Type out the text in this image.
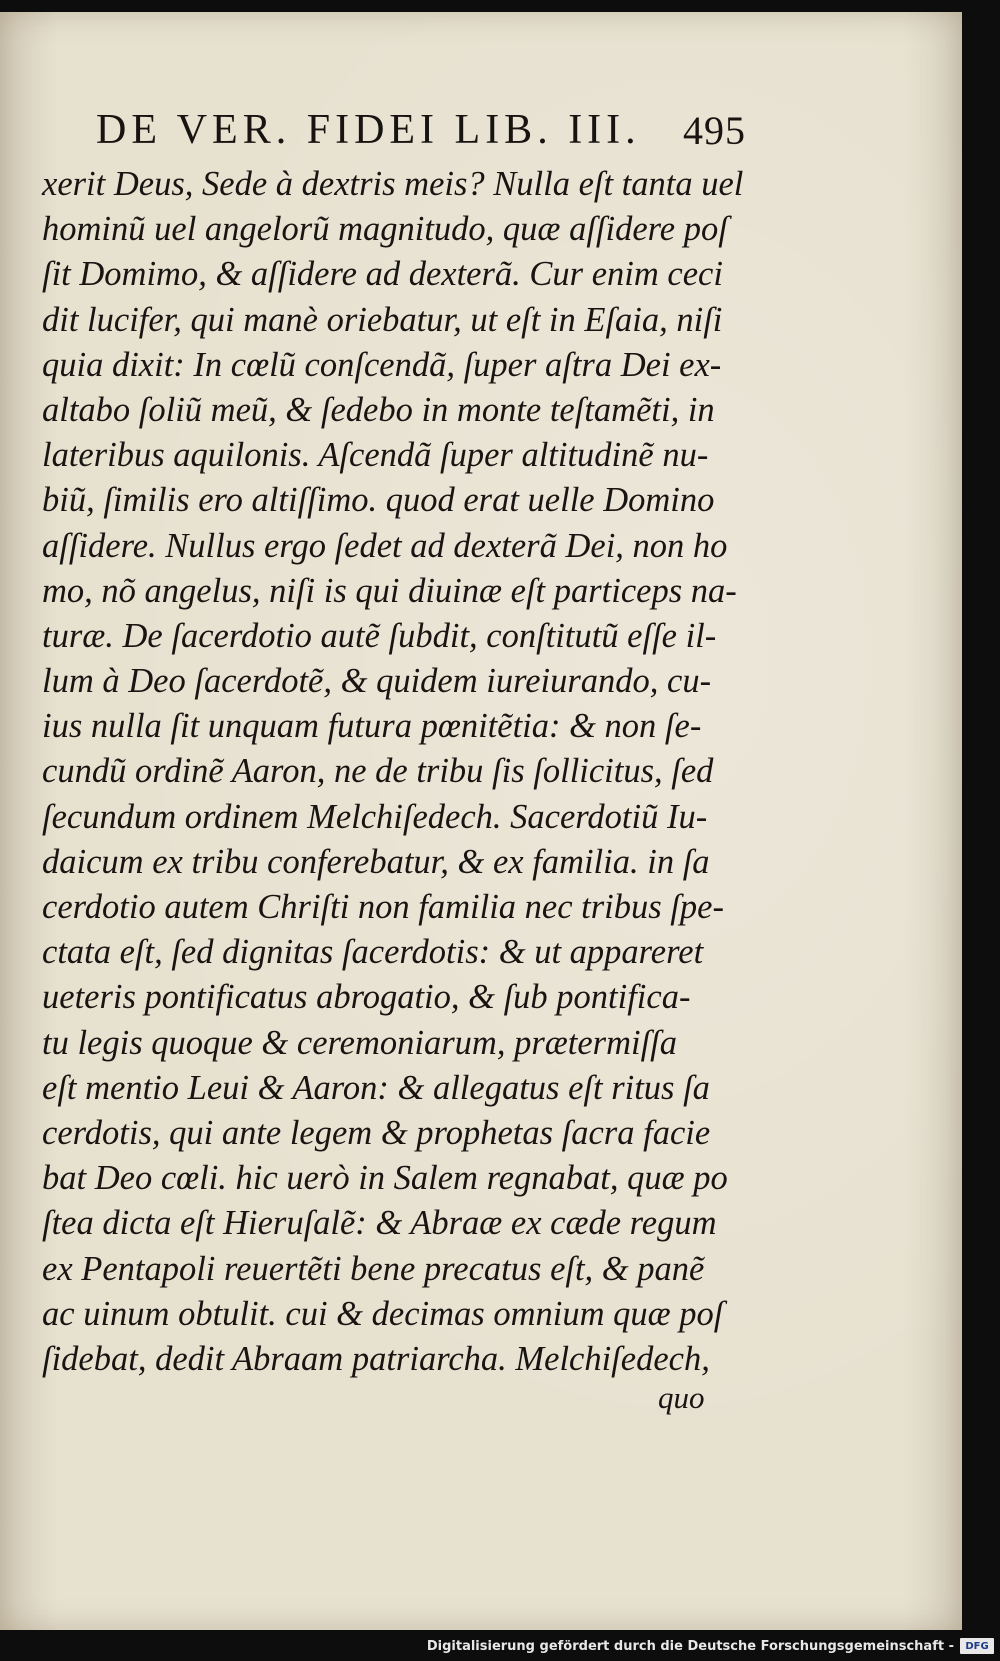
DE VER. FIDEI LIB. III. 495
xerit Deus, Sede à dextris meis? Nulla eſt tanta uel
hominũ uel angelorũ magnitudo, quæ aſſidere poſ
ſit Domimo, & aſſidere ad dexterã. Cur enim ceci
dit lucifer, qui manè oriebatur, ut eſt in Eſaia, niſi
quia dixit: In cœlũ conſcendã, ſuper aſtra Dei ex-
altabo ſoliũ meũ, & ſedebo in monte teſtamẽti, in
lateribus aquilonis. Aſcendã ſuper altitudinẽ nu-
biũ, ſimilis ero altiſſimo. quod erat uelle Domino
aſſidere. Nullus ergo ſedet ad dexterã Dei, non ho
mo, nõ angelus, niſi is qui diuinæ eſt particeps na-
turæ. De ſacerdotio autẽ ſubdit, conſtitutũ eſſe il-
lum à Deo ſacerdotẽ, & quidem iureiurando, cu-
ius nulla ſit unquam futura pœnitẽtia: & non ſe-
cundũ ordinẽ Aaron, ne de tribu ſis ſollicitus, ſed
ſecundum ordinem Melchiſedech. Sacerdotiũ Iu-
daicum ex tribu conferebatur, & ex familia. in ſa
cerdotio autem Chriſti non familia nec tribus ſpe-
ctata eſt, ſed dignitas ſacerdotis: & ut appareret
ueteris pontificatus abrogatio, & ſub pontifica-
tu legis quoque & ceremoniarum, prætermiſſa
eſt mentio Leui & Aaron: & allegatus eſt ritus ſa
cerdotis, qui ante legem & prophetas ſacra facie
bat Deo cœli. hic uerò in Salem regnabat, quæ po
ſtea dicta eſt Hieruſalẽ: & Abraæ ex cæde regum
ex Pentapoli reuertẽti bene precatus eſt, & panẽ
ac uinum obtulit. cui & decimas omnium quæ poſ
ſidebat, dedit Abraam patriarcha. Melchiſedech,
quo
Digitalisierung gefördert durch die Deutsche Forschungsgemeinschaft -	DFG
